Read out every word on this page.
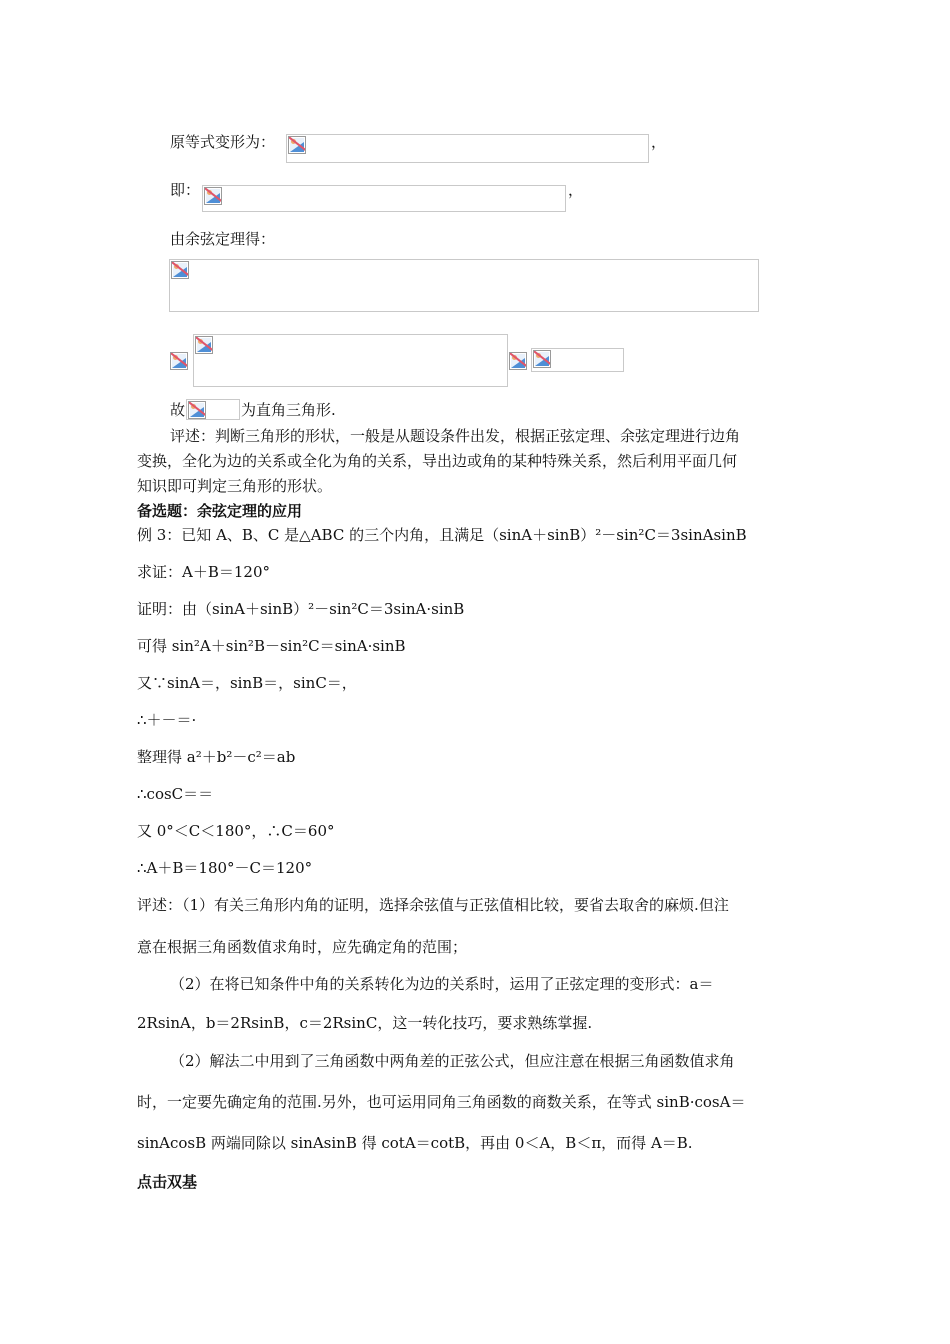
原等式变形为：	，
即：	，
由余弦定理得：
故	为直角三角形.
评述：判断三角形的形状，一般是从题设条件出发，根据正弦定理、余弦定理进行边角
变换，全化为边的关系或全化为角的关系，导出边或角的某种特殊关系，然后利用平面几何
知识即可判定三角形的形状。
备选题：余弦定理的应用
例 3：已知 A、B、C 是△ABC 的三个内角，且满足（sinA＋sinB）²－sin²C＝3sinAsinB
求证：A＋B＝120°
证明：由（sinA＋sinB）²－sin²C＝3sinA·sinB
可得 sin²A＋sin²B－sin²C＝sinA·sinB
又∵sinA＝，sinB＝，sinC＝，
∴＋－＝·
整理得 a²＋b²－c²＝ab
∴cosC＝＝
又 0°＜C＜180°，∴C＝60°
∴A＋B＝180°－C＝120°
评述：（1）有关三角形内角的证明，选择余弦值与正弦值相比较，要省去取舍的麻烦.但注
意在根据三角函数值求角时，应先确定角的范围；
（2）在将已知条件中角的关系转化为边的关系时，运用了正弦定理的变形式：a＝
2RsinA，b＝2RsinB，c＝2RsinC，这一转化技巧，要求熟练掌握.
（2）解法二中用到了三角函数中两角差的正弦公式，但应注意在根据三角函数值求角
时，一定要先确定角的范围.另外，也可运用同角三角函数的商数关系，在等式 sinB·cosA＝
sinAcosB 两端同除以 sinAsinB 得 cotA＝cotB，再由 0＜A，B＜π，而得 A＝B.
点击双基
